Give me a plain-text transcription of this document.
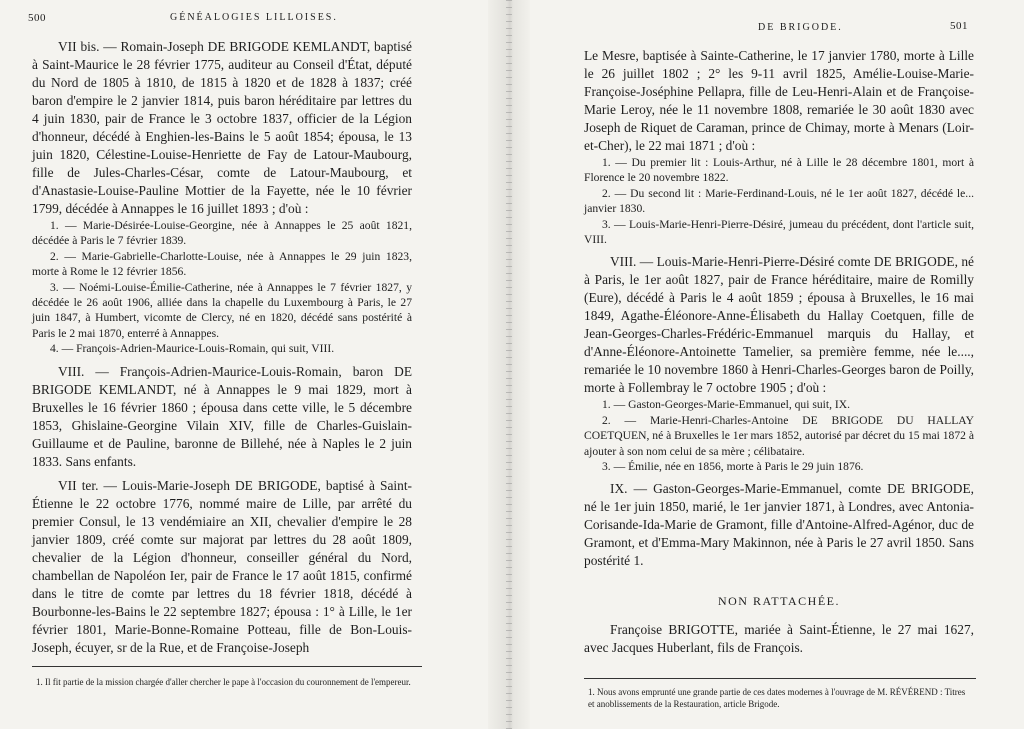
500	GÉNÉALOGIES LILLOISES.

VII bis. — Romain-Joseph DE BRIGODE KEMLANDT, baptisé à Saint-Maurice le 28 février 1775, auditeur au Conseil d'État, député du Nord de 1805 à 1810, de 1815 à 1820 et de 1828 à 1837; créé baron d'empire le 2 janvier 1814, puis baron héréditaire par lettres du 4 juin 1830, pair de France le 3 octobre 1837, officier de la Légion d'honneur, décédé à Enghien-les-Bains le 5 août 1854; épousa, le 13 juin 1820, Célestine-Louise-Henriette de Fay de Latour-Maubourg, fille de Jules-Charles-César, comte de Latour-Maubourg, et d'Anastasie-Louise-Pauline Mottier de la Fayette, née le 10 février 1799, décédée à Annappes le 16 juillet 1893 ; d'où :

1. — Marie-Désirée-Louise-Georgine, née à Annappes le 25 août 1821, décédée à Paris le 7 février 1839.

2. — Marie-Gabrielle-Charlotte-Louise, née à Annappes le 29 juin 1823, morte à Rome le 12 février 1856.

3. — Noémi-Louise-Émilie-Catherine, née à Annappes le 7 février 1827, y décédée le 26 août 1906, alliée dans la chapelle du Luxembourg à Paris, le 27 juin 1847, à Humbert, vicomte de Clercy, né en 1820, décédé sans postérité à Paris le 2 mai 1870, enterré à Annappes.

4. — François-Adrien-Maurice-Louis-Romain, qui suit, VIII.

VIII. — François-Adrien-Maurice-Louis-Romain, baron DE BRIGODE KEMLANDT, né à Annappes le 9 mai 1829, mort à Bruxelles le 16 février 1860 ; épousa dans cette ville, le 5 décembre 1853, Ghislaine-Georgine Vilain XIV, fille de Charles-Guislain-Guillaume et de Pauline, baronne de Billehé, née à Naples le 2 juin 1833. Sans enfants.

VII ter. — Louis-Marie-Joseph DE BRIGODE, baptisé à Saint-Étienne le 22 octobre 1776, nommé maire de Lille, par arrêté du premier Consul, le 13 vendémiaire an XII, chevalier d'empire le 28 janvier 1809, créé comte sur majorat par lettres du 28 août 1809, chevalier de la Légion d'honneur, conseiller général du Nord, chambellan de Napoléon Ier, pair de France le 17 août 1815, confirmé dans le titre de comte par lettres du 18 février 1818, décédé à Bourbonne-les-Bains le 22 septembre 1827; épousa : 1° à Lille, le 1er février 1801, Marie-Bonne-Romaine Potteau, fille de Bon-Louis-Joseph, écuyer, sr de la Rue, et de Françoise-Joseph

1. Il fit partie de la mission chargée d'aller chercher le pape à l'occasion du couronnement de l'empereur.
DE BRIGODE.	501

Le Mesre, baptisée à Sainte-Catherine, le 17 janvier 1780, morte à Lille le 26 juillet 1802 ; 2° les 9-11 avril 1825, Amélie-Louise-Marie-Françoise-Joséphine Pellapra, fille de Leu-Henri-Alain et de Françoise-Marie Leroy, née le 11 novembre 1808, remariée le 30 août 1830 avec Joseph de Riquet de Caraman, prince de Chimay, morte à Menars (Loir-et-Cher), le 22 mai 1871 ; d'où :

1. — Du premier lit : Louis-Arthur, né à Lille le 28 décembre 1801, mort à Florence le 20 novembre 1822.

2. — Du second lit : Marie-Ferdinand-Louis, né le 1er août 1827, décédé le... janvier 1830.

3. — Louis-Marie-Henri-Pierre-Désiré, jumeau du précédent, dont l'article suit, VIII.

VIII. — Louis-Marie-Henri-Pierre-Désiré comte DE BRIGODE, né à Paris, le 1er août 1827, pair de France héréditaire, maire de Romilly (Eure), décédé à Paris le 4 août 1859 ; épousa à Bruxelles, le 16 mai 1849, Agathe-Éléonore-Anne-Élisabeth du Hallay Coetquen, fille de Jean-Georges-Charles-Frédéric-Emmanuel marquis du Hallay, et d'Anne-Éléonore-Antoinette Tamelier, sa première femme, née le...., remariée le 10 novembre 1860 à Henri-Charles-Georges baron de Poilly, morte à Follembray le 7 octobre 1905 ; d'où :

1. — Gaston-Georges-Marie-Emmanuel, qui suit, IX.

2. — Marie-Henri-Charles-Antoine DE BRIGODE DU HALLAY COETQUEN, né à Bruxelles le 1er mars 1852, autorisé par décret du 15 mai 1872 à ajouter à son nom celui de sa mère ; célibataire.

3. — Émilie, née en 1856, morte à Paris le 29 juin 1876.

IX. — Gaston-Georges-Marie-Emmanuel, comte DE BRIGODE, né le 1er juin 1850, marié, le 1er janvier 1871, à Londres, avec Antonia-Corisande-Ida-Marie de Gramont, fille d'Antoine-Alfred-Agénor, duc de Gramont, et d'Emma-Mary Makinnon, née à Paris le 27 avril 1850. Sans postérité 1.

NON RATTACHÉE.

Françoise BRIGOTTE, mariée à Saint-Étienne, le 27 mai 1627, avec Jacques Huberlant, fils de François.

1. Nous avons emprunté une grande partie de ces dates modernes à l'ouvrage de M. RÉVÉREND : Titres et anoblissements de la Restauration, article Brigode.
